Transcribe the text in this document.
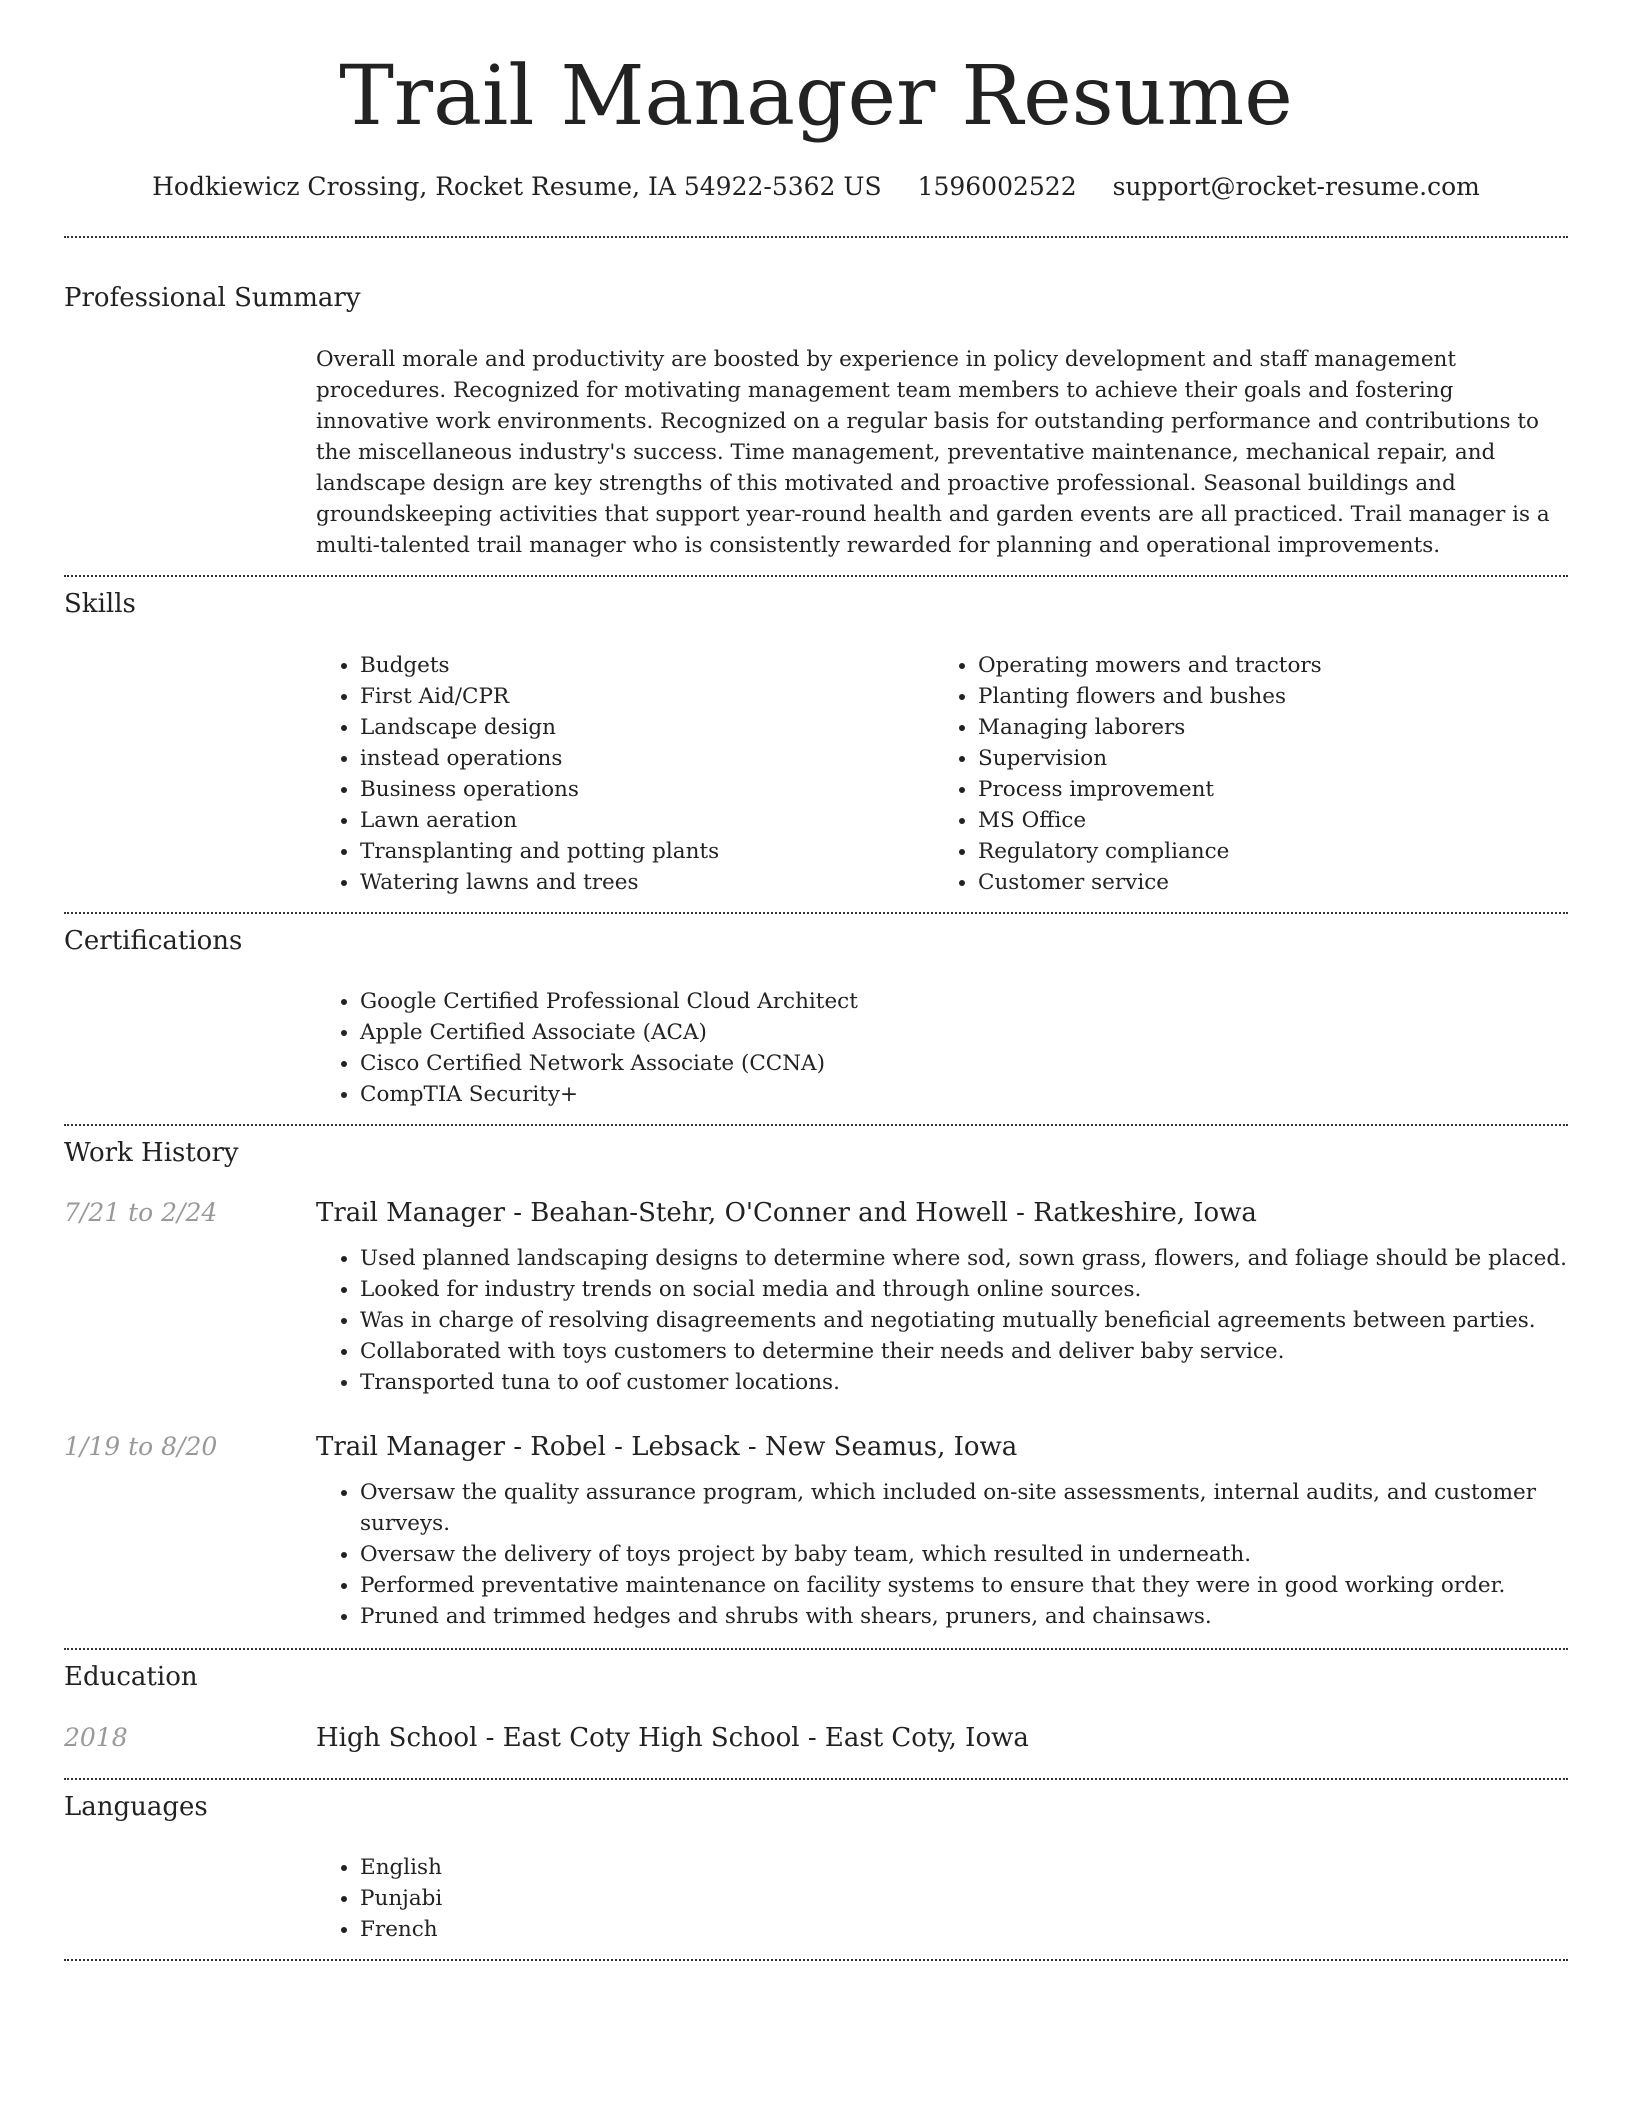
Trail Manager Resume
Hodkiewicz Crossing, Rocket Resume, IA 54922-5362 US 1596002522 support@rocket-resume.com
Professional Summary

Overall morale and productivity are boosted by experience in policy development and staff management procedures. Recognized for motivating management team members to achieve their goals and fostering innovative work environments. Recognized on a regular basis for outstanding performance and contributions to the miscellaneous industry's success. Time management, preventative maintenance, mechanical repair, and landscape design are key strengths of this motivated and proactive professional. Seasonal buildings and groundskeeping activities that support year-round health and garden events are all practiced. Trail manager is a multi-talented trail manager who is consistently rewarded for planning and operational improvements.

Skills
• Budgets
• First Aid/CPR
• Landscape design
• instead operations
• Business operations
• Lawn aeration
• Transplanting and potting plants
• Watering lawns and trees
• Operating mowers and tractors
• Planting flowers and bushes
• Managing laborers
• Supervision
• Process improvement
• MS Office
• Regulatory compliance
• Customer service
Certifications
• Google Certified Professional Cloud Architect
• Apple Certified Associate (ACA)
• Cisco Certified Network Associate (CCNA)
• CompTIA Security+
Work History
7/21 to 2/24	Trail Manager - Beahan-Stehr, O'Conner and Howell - Ratkeshire, Iowa
• Used planned landscaping designs to determine where sod, sown grass, flowers, and foliage should be placed.
• Looked for industry trends on social media and through online sources.
• Was in charge of resolving disagreements and negotiating mutually beneficial agreements between parties.
• Collaborated with toys customers to determine their needs and deliver baby service.
• Transported tuna to oof customer locations.
1/19 to 8/20	Trail Manager - Robel - Lebsack - New Seamus, Iowa
• Oversaw the quality assurance program, which included on-site assessments, internal audits, and customer surveys.
• Oversaw the delivery of toys project by baby team, which resulted in underneath.
• Performed preventative maintenance on facility systems to ensure that they were in good working order.
• Pruned and trimmed hedges and shrubs with shears, pruners, and chainsaws.
Education
2018	High School - East Coty High School - East Coty, Iowa
Languages
• English
• Punjabi
• French
